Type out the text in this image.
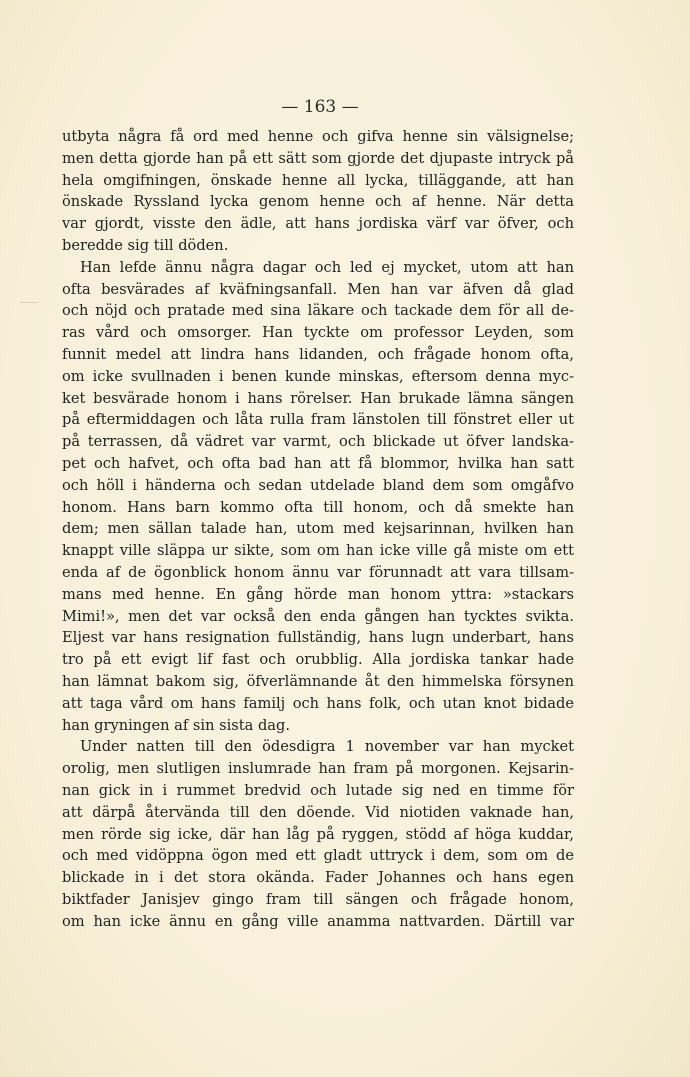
— 163 —
utbyta några få ord med henne och gifva henne sin välsignelse;
men detta gjorde han på ett sätt som gjorde det djupaste intryck på
hela omgifningen, önskade henne all lycka, tilläggande, att han
önskade Ryssland lycka genom henne och af henne. När detta
var gjordt, visste den ädle, att hans jordiska värf var öfver, och
beredde sig till döden.
Han lefde ännu några dagar och led ej mycket, utom att han
ofta besvärades af kväfningsanfall. Men han var äfven då glad
och nöjd och pratade med sina läkare och tackade dem för all de-
ras vård och omsorger. Han tyckte om professor Leyden, som
funnit medel att lindra hans lidanden, och frågade honom ofta,
om icke svullnaden i benen kunde minskas, eftersom denna myc-
ket besvärade honom i hans rörelser. Han brukade lämna sängen
på eftermiddagen och låta rulla fram länstolen till fönstret eller ut
på terrassen, då vädret var varmt, och blickade ut öfver landska-
pet och hafvet, och ofta bad han att få blommor, hvilka han satt
och höll i händerna och sedan utdelade bland dem som omgåfvo
honom. Hans barn kommo ofta till honom, och då smekte han
dem; men sällan talade han, utom med kejsarinnan, hvilken han
knappt ville släppa ur sikte, som om han icke ville gå miste om ett
enda af de ögonblick honom ännu var förunnadt att vara tillsam-
mans med henne. En gång hörde man honom yttra: »stackars
Mimi!», men det var också den enda gången han tycktes svikta.
Eljest var hans resignation fullständig, hans lugn underbart, hans
tro på ett evigt lif fast och orubblig. Alla jordiska tankar hade
han lämnat bakom sig, öfverlämnande åt den himmelska försynen
att taga vård om hans familj och hans folk, och utan knot bidade
han gryningen af sin sista dag.
Under natten till den ödesdigra 1 november var han mycket
orolig, men slutligen inslumrade han fram på morgonen. Kejsarin-
nan gick in i rummet bredvid och lutade sig ned en timme för
att därpå återvända till den döende. Vid niotiden vaknade han,
men rörde sig icke, där han låg på ryggen, stödd af höga kuddar,
och med vidöppna ögon med ett gladt uttryck i dem, som om de
blickade in i det stora okända. Fader Johannes och hans egen
biktfader Janisjev gingo fram till sängen och frågade honom,
om han icke ännu en gång ville anamma nattvarden. Därtill var
